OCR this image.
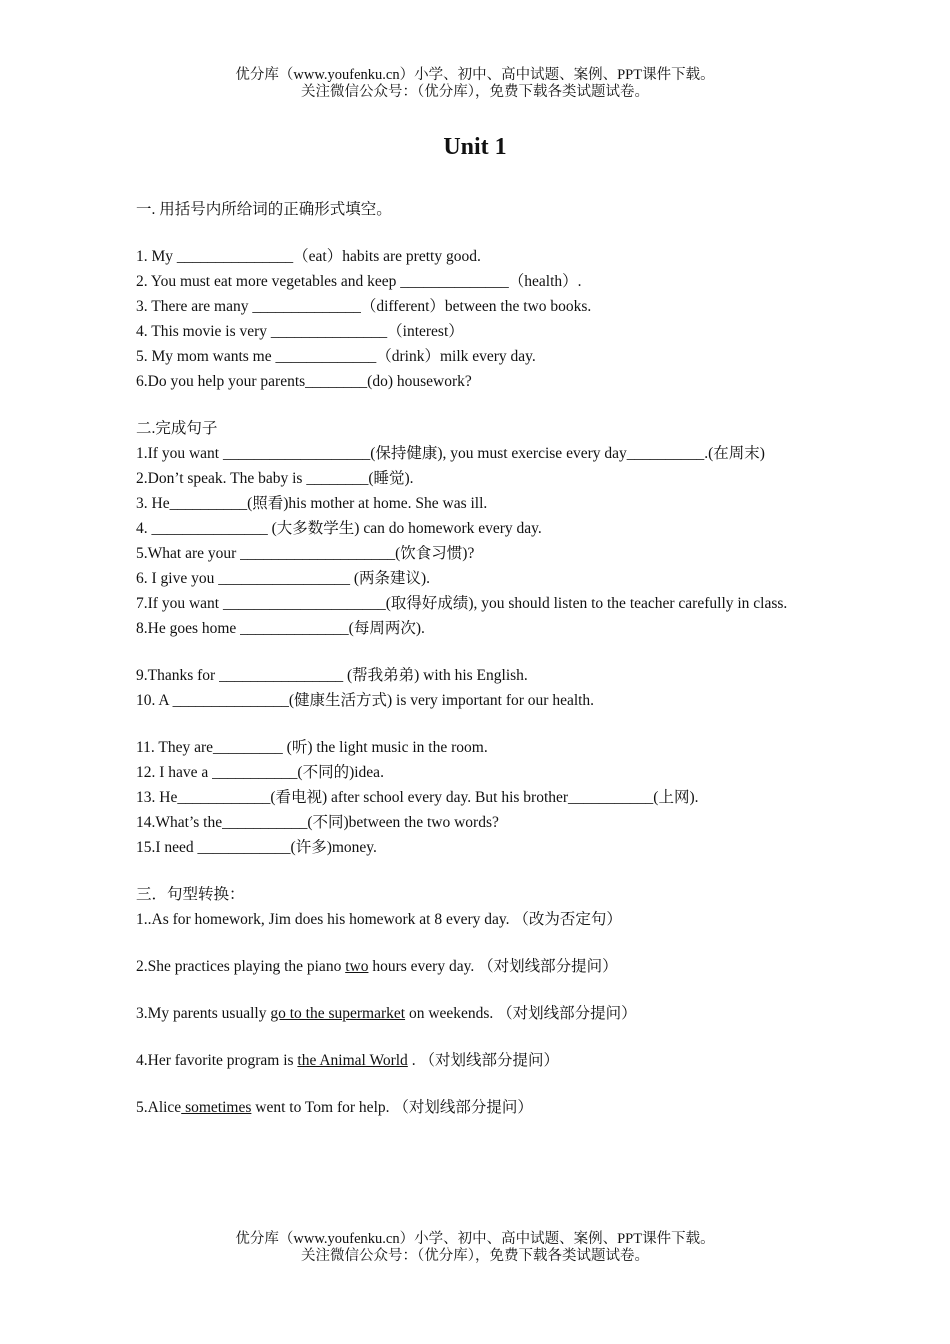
优分库（www.youfenku.cn）小学、初中、高中试题、案例、PPT课件下载。
关注微信公众号：（优分库），免费下载各类试题试卷。
Unit 1

一. 用括号内所给词的正确形式填空。

1. My _______________（eat）habits are pretty good.

2. You must eat more vegetables and keep ______________（health）.

3. There are many ______________（different）between the two books.

4. This movie is very _______________（interest）

5. My mom wants me _____________（drink）milk every day.

6.Do you help your parents________(do) housework?

二.完成句子

1.If you want ___________________(保持健康), you must exercise every day__________.(在周末)

2.Don’t speak. The baby is ________(睡觉).

3. He__________(照看)his mother at home. She was ill.

4. _______________ (大多数学生) can do homework every day.

5.What are your ____________________(饮食习惯)?

6. I give you _________________ (两条建议).

7.If you want _____________________(取得好成绩), you should listen to the teacher carefully in class.

8.He goes home ______________(每周两次).

9.Thanks for ________________ (帮我弟弟) with his English.

10. A _______________(健康生活方式) is very important for our health.

11. They are_________ (听) the light music in the room.

12. I have a ___________(不同的)idea.

13. He____________(看电视) after school every day. But his brother___________(上网).

14.What’s the___________(不同)between the two words?

15.I need ____________(许多)money.

三．句型转换：

1..As for homework, Jim does his homework at 8 every day. （改为否定句）

2.She practices playing the piano two hours every day. （对划线部分提问）

3.My parents usually go to the supermarket on weekends. （对划线部分提问）

4.Her favorite program is the Animal World . （对划线部分提问）

5.Alice sometimes went to Tom for help. （对划线部分提问）

优分库（www.youfenku.cn）小学、初中、高中试题、案例、PPT课件下载。
关注微信公众号：（优分库），免费下载各类试题试卷。
